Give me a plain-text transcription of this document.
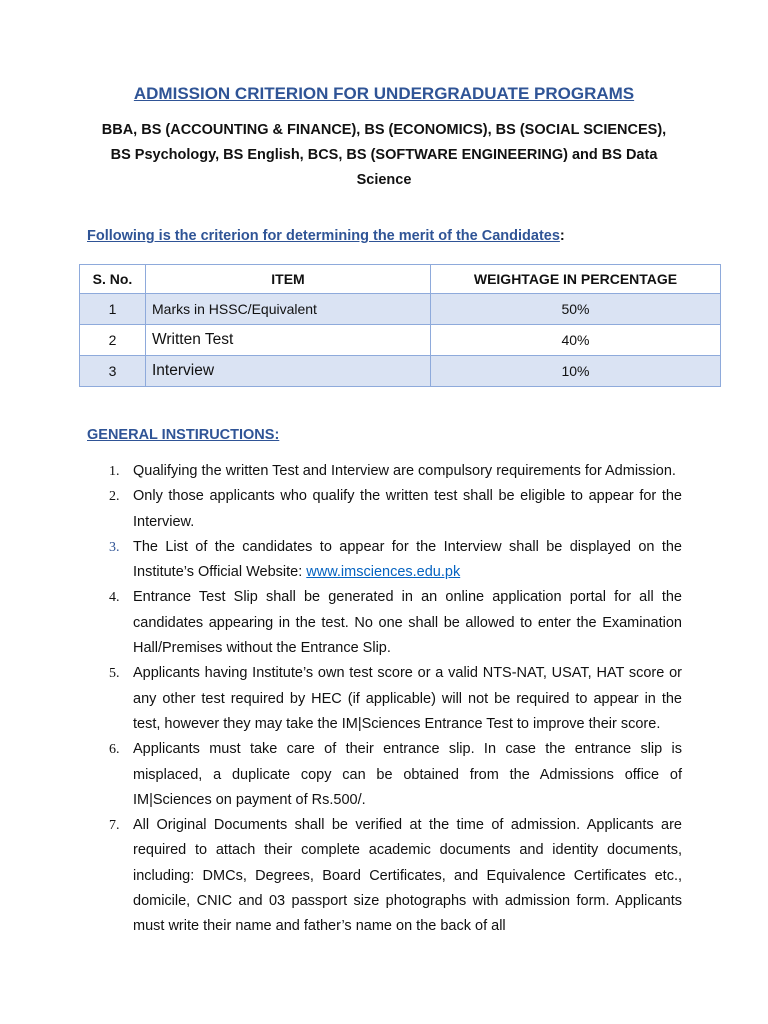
ADMISSION CRITERION FOR UNDERGRADUATE PROGRAMS

BBA, BS (ACCOUNTING & FINANCE), BS (ECONOMICS), BS (SOCIAL SCIENCES), BS Psychology, BS English, BCS, BS (SOFTWARE ENGINEERING) and BS Data Science

Following is the criterion for determining the merit of the Candidates:

S. No.	ITEM	WEIGHTAGE IN PERCENTAGE
1	Marks in HSSC/Equivalent	50%
2	Written Test	40%
3	Interview	10%

GENERAL INSTIRUCTIONS:

1. Qualifying the written Test and Interview are compulsory requirements for Admission.
2. Only those applicants who qualify the written test shall be eligible to appear for the Interview.
3. The List of the candidates to appear for the Interview shall be displayed on the Institute’s Official Website: www.imsciences.edu.pk
4. Entrance Test Slip shall be generated in an online application portal for all the candidates appearing in the test. No one shall be allowed to enter the Examination Hall/Premises without the Entrance Slip.
5. Applicants having Institute’s own test score or a valid NTS-NAT, USAT, HAT score or any other test required by HEC (if applicable) will not be required to appear in the test, however they may take the IM|Sciences Entrance Test to improve their score.
6. Applicants must take care of their entrance slip. In case the entrance slip is misplaced, a duplicate copy can be obtained from the Admissions office of IM|Sciences on payment of Rs.500/.
7. All Original Documents shall be verified at the time of admission. Applicants are required to attach their complete academic documents and identity documents, including: DMCs, Degrees, Board Certificates, and Equivalence Certificates etc., domicile, CNIC and 03 passport size photographs with admission form. Applicants must write their name and father’s name on the back of all
